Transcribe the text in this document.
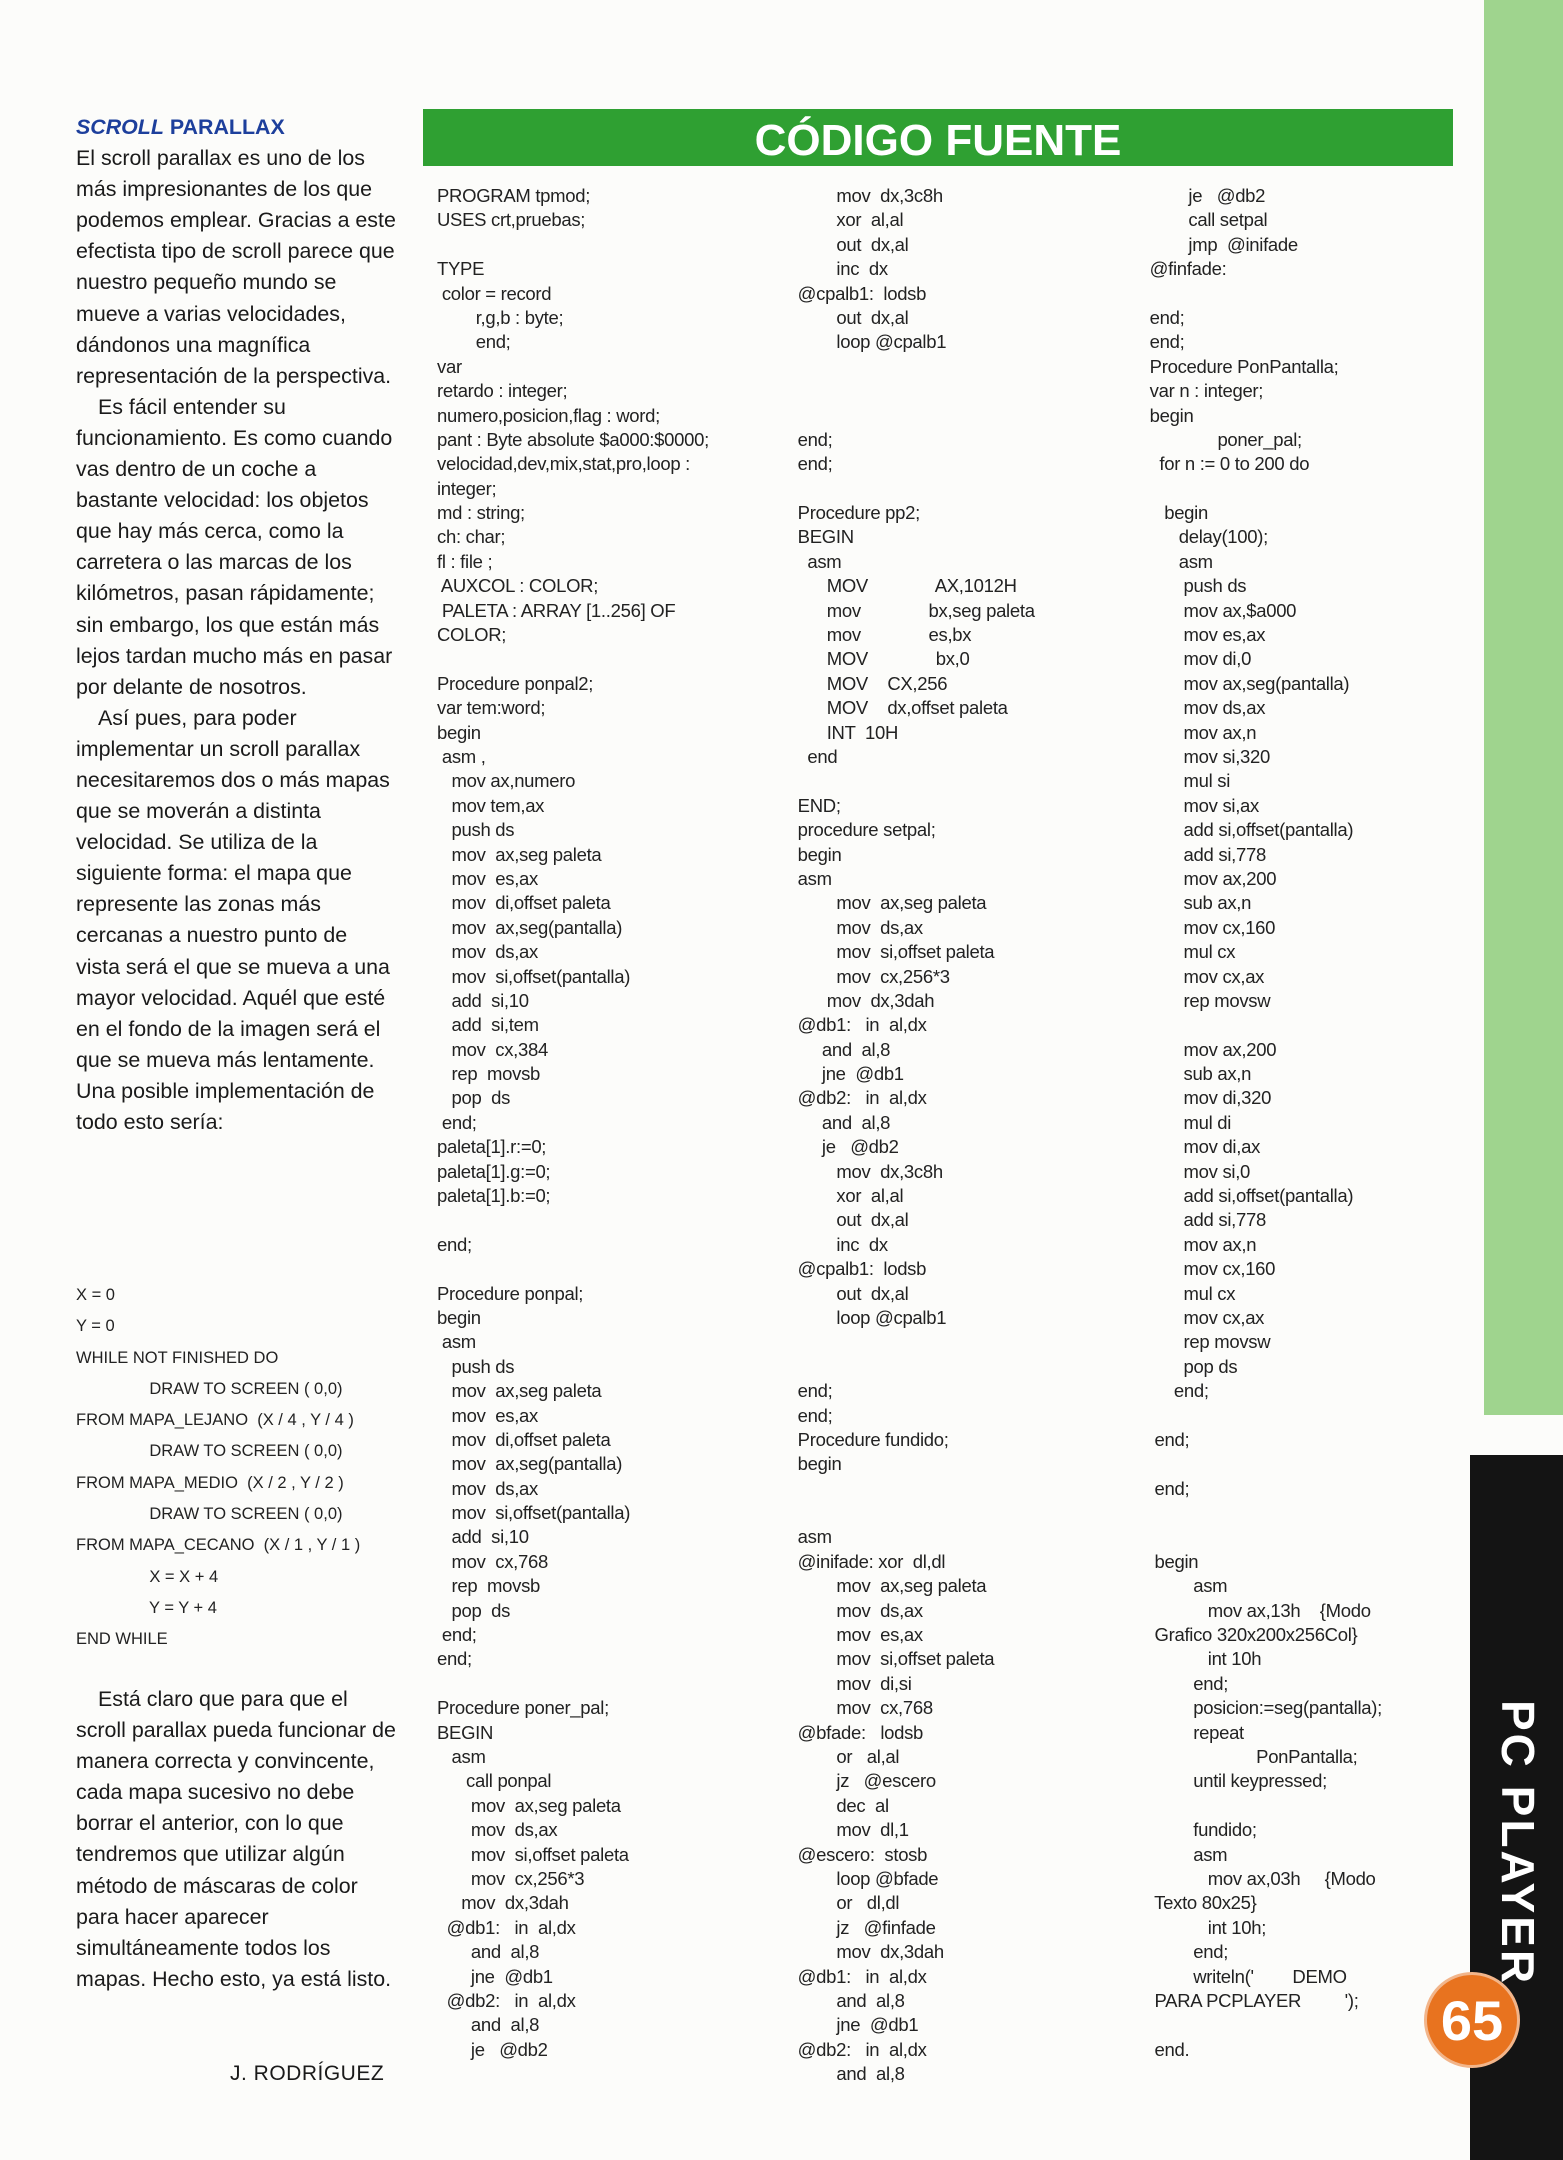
PC PLAYER
65
SCROLL PARALLAX

El scroll parallax es uno de los más impresionantes de los que podemos emplear. Gracias a este efectista tipo de scroll parece que nuestro pequeño mundo se mueve a varias velocidades, dándonos una magnífica representación de la perspectiva.

Es fácil entender su funcionamiento. Es como cuando vas dentro de un coche a bastante velocidad: los objetos que hay más cerca, como la carretera o las marcas de los kilómetros, pasan rápidamente; sin embargo, los que están más lejos tardan mucho más en pasar por delante de nosotros.

Así pues, para poder implementar un scroll parallax necesitaremos dos o más mapas que se moverán a distinta velocidad. Se utiliza de la siguiente forma: el mapa que represente las zonas más cercanas a nuestro punto de vista será el que se mueva a una mayor velocidad. Aquél que esté en el fondo de la imagen será el que se mueva más lentamente. Una posible implementación de todo esto sería:

X = 0
Y = 0
WHILE NOT FINISHED DO
DRAW TO SCREEN ( 0,0)
FROM MAPA_LEJANO  (X / 4 , Y / 4 )
DRAW TO SCREEN ( 0,0)
FROM MAPA_MEDIO  (X / 2 , Y / 2 )
DRAW TO SCREEN ( 0,0)
FROM MAPA_CECANO  (X / 1 , Y / 1 )
X = X + 4
Y = Y + 4
END WHILE

Está claro que para que el scroll parallax pueda funcionar de manera correcta y convincente, cada mapa sucesivo no debe borrar el anterior, con lo que tendremos que utilizar algún método de máscaras de color para hacer aparecer simultáneamente todos los mapas. Hecho esto, ya está listo.

J. RODRÍGUEZ
CÓDIGO FUENTE
PROGRAM tpmod;
USES crt,pruebas;
TYPE
color = record
r,g,b : byte;
end;
var
retardo : integer;
numero,posicion,flag : word;
pant : Byte absolute $a000:$0000;
velocidad,dev,mix,stat,pro,loop :
integer;
md : string;
ch: char;
fl : file ;
AUXCOL : COLOR;
PALETA : ARRAY [1..256] OF
COLOR;
Procedure ponpal2;
var tem:word;
begin
asm ,
mov ax,numero
mov tem,ax
push ds
mov  ax,seg paleta
mov  es,ax
mov  di,offset paleta
mov  ax,seg(pantalla)
mov  ds,ax
mov  si,offset(pantalla)
add  si,10
add  si,tem
mov  cx,384
rep  movsb
pop  ds
end;
paleta[1].r:=0;
paleta[1].g:=0;
paleta[1].b:=0;
end;
Procedure ponpal;
begin
asm
push ds
mov  ax,seg paleta
mov  es,ax
mov  di,offset paleta
mov  ax,seg(pantalla)
mov  ds,ax
mov  si,offset(pantalla)
add  si,10
mov  cx,768
rep  movsb
pop  ds
end;
end;
Procedure poner_pal;
BEGIN
asm
call ponpal
mov  ax,seg paleta
mov  ds,ax
mov  si,offset paleta
mov  cx,256*3
mov  dx,3dah
@db1:   in  al,dx
and  al,8
jne  @db1
@db2:   in  al,dx
and  al,8
je   @db2
mov  dx,3c8h
xor  al,al
out  dx,al
inc  dx
@cpalb1:  lodsb
out  dx,al
loop @cpalb1
end;
end;
Procedure pp2;
BEGIN
asm
MOV              AX,1012H
mov              bx,seg paleta
mov              es,bx
MOV              bx,0
MOV    CX,256
MOV    dx,offset paleta
INT  10H
end
END;
procedure setpal;
begin
asm
mov  ax,seg paleta
mov  ds,ax
mov  si,offset paleta
mov  cx,256*3
mov  dx,3dah
@db1:   in  al,dx
and  al,8
jne  @db1
@db2:   in  al,dx
and  al,8
je   @db2
mov  dx,3c8h
xor  al,al
out  dx,al
inc  dx
@cpalb1:  lodsb
out  dx,al
loop @cpalb1
end;
end;
Procedure fundido;
begin
asm
@inifade: xor  dl,dl
mov  ax,seg paleta
mov  ds,ax
mov  es,ax
mov  si,offset paleta
mov  di,si
mov  cx,768
@bfade:   lodsb
or   al,al
jz   @escero
dec  al
mov  dl,1
@escero:  stosb
loop @bfade
or   dl,dl
jz   @finfade
mov  dx,3dah
@db1:   in  al,dx
and  al,8
jne  @db1
@db2:   in  al,dx
and  al,8
je   @db2
call setpal
jmp  @inifade
@finfade:
end;
end;
Procedure PonPantalla;
var n : integer;
begin
poner_pal;
for n := 0 to 200 do
begin
delay(100);
asm
push ds
mov ax,$a000
mov es,ax
mov di,0
mov ax,seg(pantalla)
mov ds,ax
mov ax,n
mov si,320
mul si
mov si,ax
add si,offset(pantalla)
add si,778
mov ax,200
sub ax,n
mov cx,160
mul cx
mov cx,ax
rep movsw
mov ax,200
sub ax,n
mov di,320
mul di
mov di,ax
mov si,0
add si,offset(pantalla)
add si,778
mov ax,n
mov cx,160
mul cx
mov cx,ax
rep movsw
pop ds
end;
end;
end;
begin
asm
mov ax,13h    {Modo
Grafico 320x200x256Col}
int 10h
end;
posicion:=seg(pantalla);
repeat
PonPantalla;
until keypressed;
fundido;
asm
mov ax,03h     {Modo
Texto 80x25}
int 10h;
end;
writeln('        DEMO
PARA PCPLAYER         ');
end.
